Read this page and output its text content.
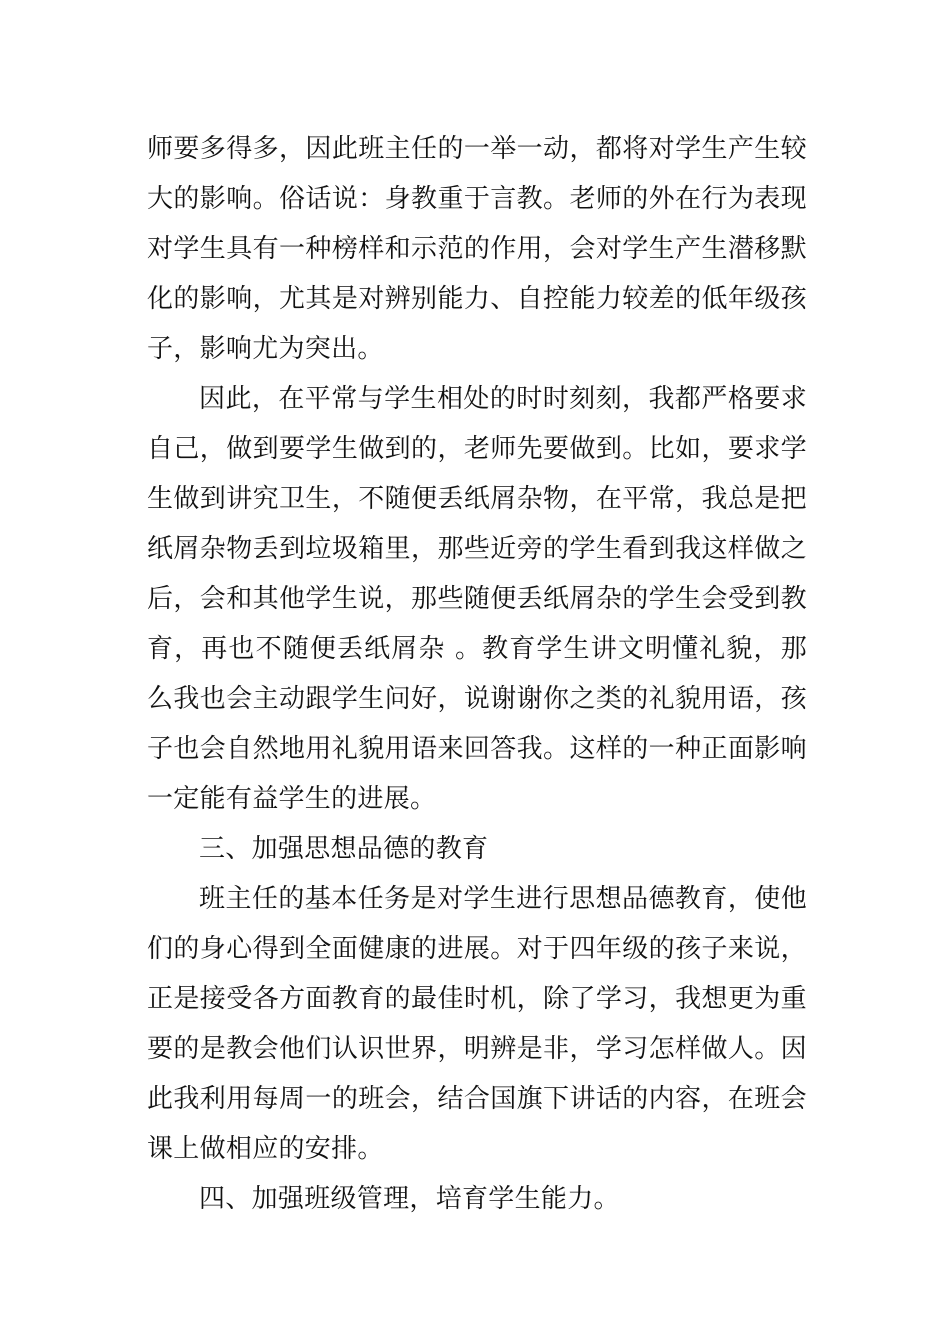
师要多得多，因此班主任的一举一动，都将对学生产生较大的影响。俗话说：身教重于言教。老师的外在行为表现对学生具有一种榜样和示范的作用，会对学生产生潜移默化的影响，尤其是对辨别能力、自控能力较差的低年级孩子，影响尤为突出。

因此，在平常与学生相处的时时刻刻，我都严格要求自己，做到要学生做到的，老师先要做到。比如，要求学生做到讲究卫生，不随便丢纸屑杂物，在平常，我总是把纸屑杂物丢到垃圾箱里，那些近旁的学生看到我这样做之后，会和其他学生说，那些随便丢纸屑杂的学生会受到教育，再也不随便丢纸屑杂 。教育学生讲文明懂礼貌，那么我也会主动跟学生问好，说谢谢你之类的礼貌用语，孩子也会自然地用礼貌用语来回答我。这样的一种正面影响一定能有益学生的进展。

三、加强思想品德的教育

班主任的基本任务是对学生进行思想品德教育，使他们的身心得到全面健康的进展。对于四年级的孩子来说，正是接受各方面教育的最佳时机，除了学习，我想更为重要的是教会他们认识世界，明辨是非，学习怎样做人。因此我利用每周一的班会，结合国旗下讲话的内容，在班会课上做相应的安排。

四、加强班级管理，培育学生能力。
